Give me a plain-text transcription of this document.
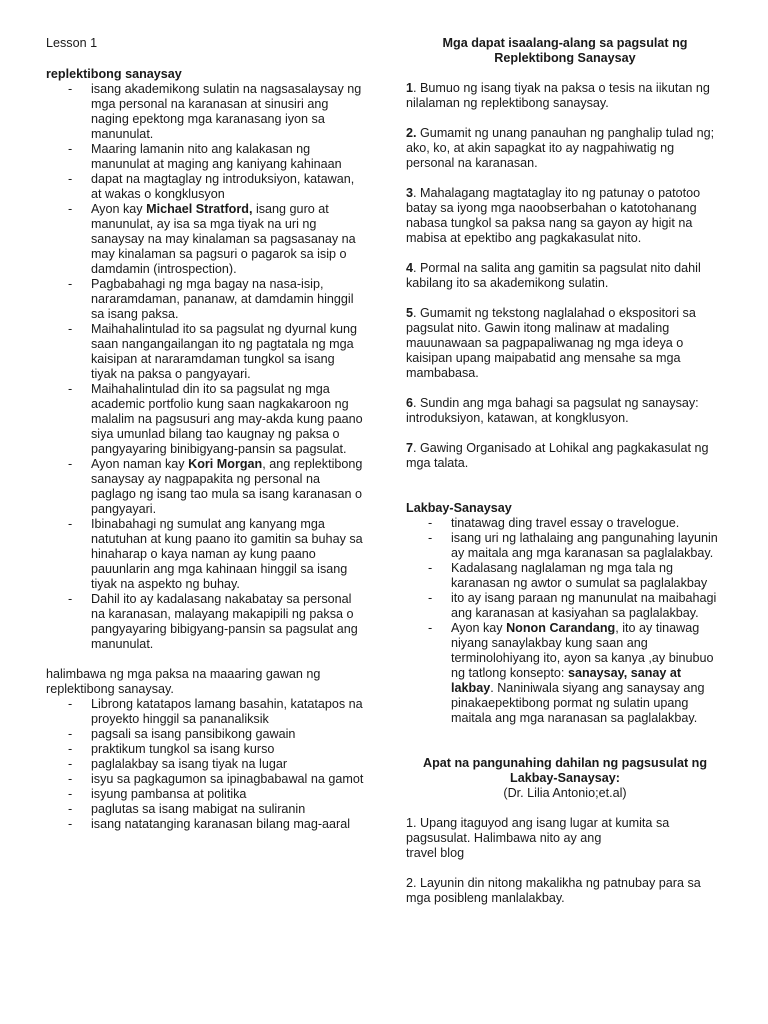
Lesson 1

replektibong sanaysay

- isang akademikong sulatin na nagsasalaysay ng mga personal na karanasan at sinusiri ang naging epektong mga karanasang iyon sa manunulat.
- Maaring lamanin nito ang kalakasan ng manunulat at maging ang kaniyang kahinaan
- dapat na magtaglay ng introduksiyon, katawan, at wakas o kongklusyon
- Ayon kay Michael Stratford, isang guro at manunulat, ay isa sa mga tiyak na uri ng sanaysay na may kinalaman sa pagsasanay na may kinalaman sa pagsuri o pagarok sa isip o damdamin (introspection).
- Pagbabahagi ng mga bagay na nasa-isip, nararamdaman, pananaw, at damdamin hinggil sa isang paksa.
- Maihahalintulad ito sa pagsulat ng dyurnal kung saan nangangailangan ito ng pagtatala ng mga kaisipan at nararamdaman tungkol sa isang tiyak na paksa o pangyayari.
- Maihahalintulad din ito sa pagsulat ng mga academic portfolio kung saan nagkakaroon ng malalim na pagsusuri ang may-akda kung paano siya umunlad bilang tao kaugnay ng paksa o pangyayaring binibigyang-pansin sa pagsulat.
- Ayon naman kay Kori Morgan, ang replektibong sanaysay ay nagpapakita ng personal na paglago ng isang tao mula sa isang karanasan o pangyayari.
- Ibinabahagi ng sumulat ang kanyang mga natutuhan at kung paano ito gamitin sa buhay sa hinaharap o kaya naman ay kung paano pauunlarin ang mga kahinaan hinggil sa isang tiyak na aspekto ng buhay.
- Dahil ito ay kadalasang nakabatay sa personal na karanasan, malayang makapipili ng paksa o pangyayaring bibigyang-pansin sa pagsulat ang manunulat.

halimbawa ng mga paksa na maaaring gawan ng replektibong sanaysay.

- Librong katatapos lamang basahin, katatapos na proyekto hinggil sa pananaliksik
- pagsali sa isang pansibikong gawain
- praktikum tungkol sa isang kurso
- paglalakbay sa isang tiyak na lugar
- isyu sa pagkagumon sa ipinagbabawal na gamot
- isyung pambansa at politika
- paglutas sa isang mabigat na suliranin
- isang natatanging karanasan bilang mag-aaral

Mga dapat isaalang-alang sa pagsulat ng Replektibong Sanaysay

1. Bumuo ng isang tiyak na paksa o tesis na iikutan ng nilalaman ng replektibong sanaysay.

2. Gumamit ng unang panauhan ng panghalip tulad ng; ako, ko, at akin sapagkat ito ay nagpahiwatig ng personal na karanasan.

3. Mahalagang magtataglay ito ng patunay o patotoo batay sa iyong mga naoobserbahan o katotohanang nabasa tungkol sa paksa nang sa gayon ay higit na mabisa at epektibo ang pagkakasulat nito.

4. Pormal na salita ang gamitin sa pagsulat nito dahil kabilang ito sa akademikong sulatin.

5. Gumamit ng tekstong naglalahad o ekspositori sa pagsulat nito. Gawin itong malinaw at madaling mauunawaan sa pagpapaliwanag ng mga ideya o kaisipan upang maipabatid ang mensahe sa mga mambabasa.

6. Sundin ang mga bahagi sa pagsulat ng sanaysay: introduksiyon, katawan, at kongklusyon.

7. Gawing Organisado at Lohikal ang pagkakasulat ng mga talata.

Lakbay-Sanaysay

- tinatawag ding travel essay o travelogue.
- isang uri ng lathalaing ang pangunahing layunin ay maitala ang mga karanasan sa paglalakbay.
- Kadalasang naglalaman ng mga tala ng karanasan ng awtor o sumulat sa paglalakbay
- ito ay isang paraan ng manunulat na maibahagi ang karanasan at kasiyahan sa paglalakbay.
- Ayon kay Nonon Carandang, ito ay tinawag niyang sanaylakbay kung saan ang terminolohiyang ito, ayon sa kanya ,ay binubuo ng tatlong konsepto: sanaysay, sanay at lakbay. Naniniwala siyang ang sanaysay ang pinakaepektibong pormat ng sulatin upang maitala ang mga naranasan sa paglalakbay.

Apat na pangunahing dahilan ng pagsusulat ng Lakbay-Sanaysay:

(Dr. Lilia Antonio;et.al)

1. Upang itaguyod ang isang lugar at kumita sa pagsusulat. Halimbawa nito ay ang
travel blog

2. Layunin din nitong makalikha ng patnubay para sa mga posibleng manlalakbay.
